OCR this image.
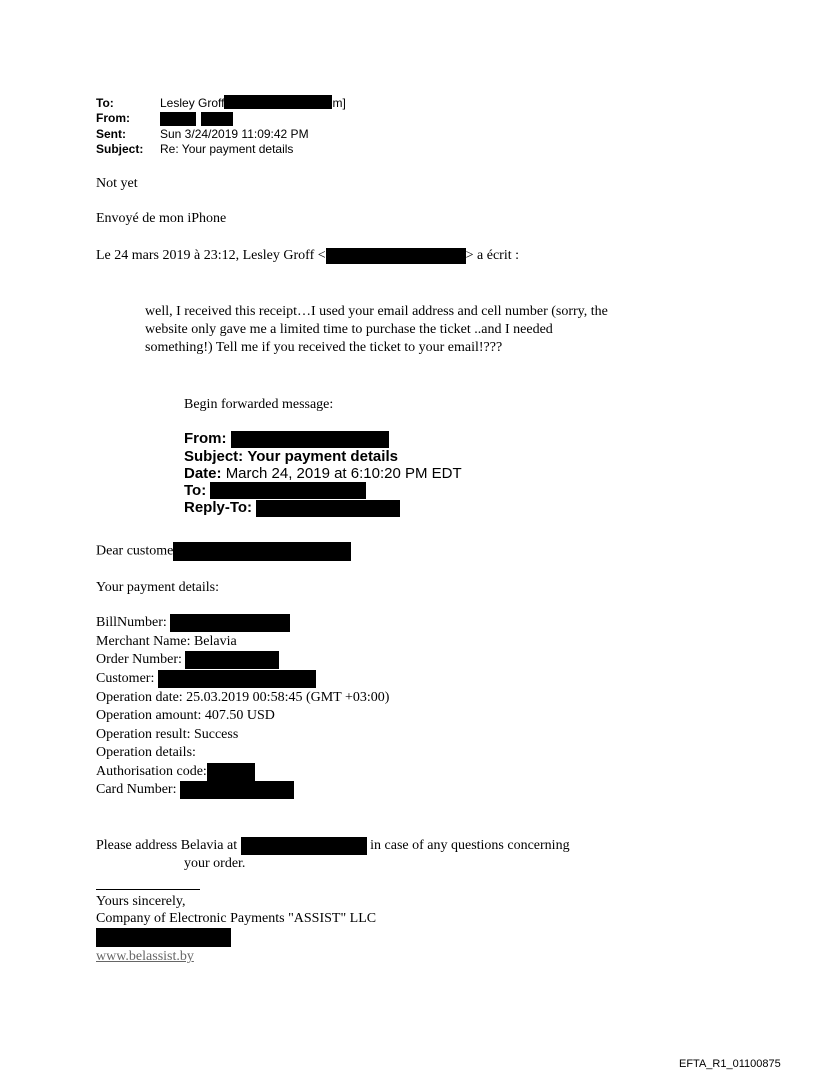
To:	Lesley Groff	m]
From:

Sent:	Sun 3/24/2019 11:09:42 PM
Subject: Re: Your payment details
Not yet
Envoyé de mon iPhone
Le 24 mars 2019 à 23:12, Lesley Groff <	> a écrit :
well, I received this receipt…I used your email address and cell number (sorry, the
website only gave me a limited time to purchase the ticket ..and I needed
something!) Tell me if you received the ticket to your email!???
Begin forwarded message:
From:
Subject: Your payment details
Date: March 24, 2019 at 6:10:20 PM EDT
To:
Reply-To:
Dear custome
Your payment details:
BillNumber:
Merchant Name: Belavia
Order Number:
Customer:
Operation date: 25.03.2019 00:58:45 (GMT +03:00)
Operation amount: 407.50 USD
Operation result: Success
Operation details:
Authorisation code:
Card Number:
Please address Belavia at	in case of any questions concerning
your order.
Yours sincerely,
Company of Electronic Payments "ASSIST" LLC
www.belassist.by
EFTA_R1_01100875
